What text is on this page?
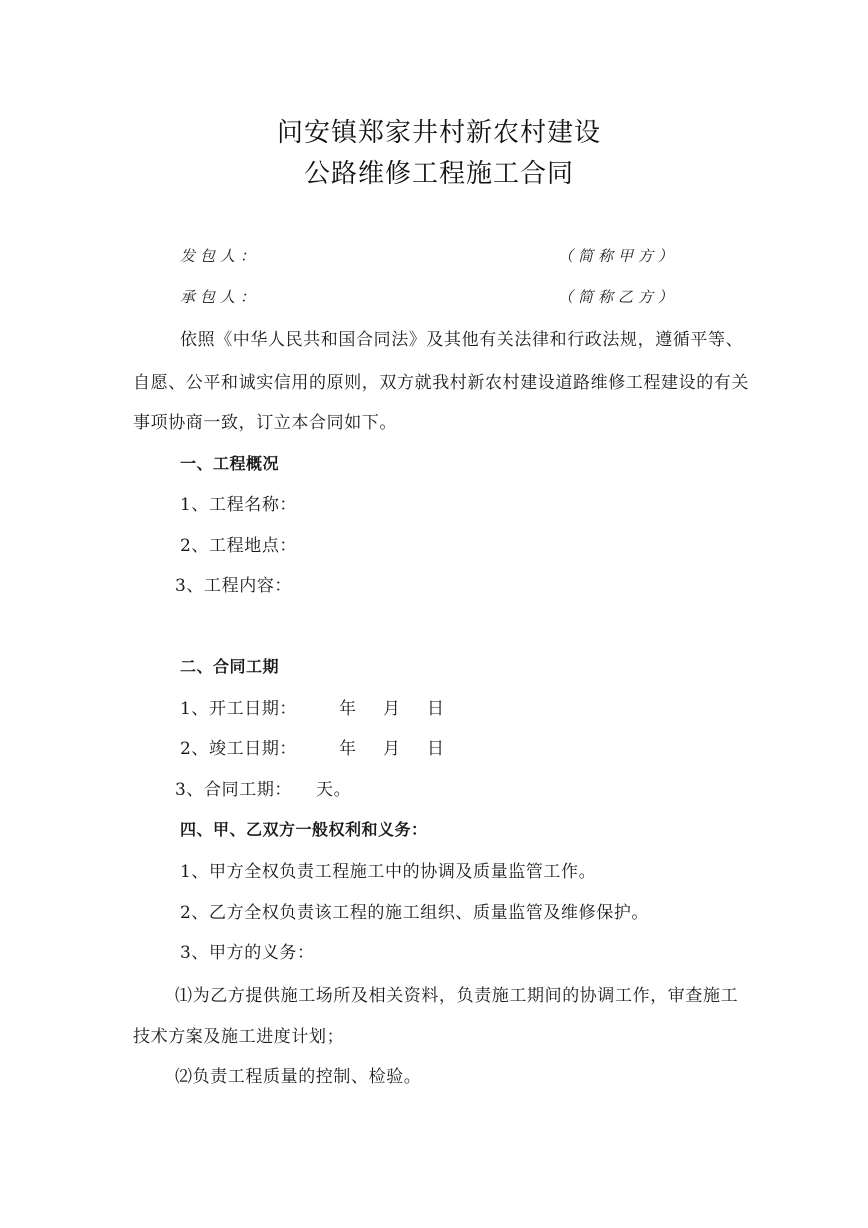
问安镇郑家井村新农村建设
公路维修工程施工合同
发包人：	（简称甲方）
承包人：	（简称乙方）
依照《中华人民共和国合同法》及其他有关法律和行政法规，遵循平等、
自愿、公平和诚实信用的原则，双方就我村新农村建设道路维修工程建设的有关
事项协商一致，订立本合同如下。
一、工程概况
1、工程名称：
2、工程地点：
3、工程内容：
二、合同工期
1、开工日期： 年 月 日
2、竣工日期： 年 月 日
3、合同工期： 天。
四、甲、乙双方一般权利和义务：
1、甲方全权负责工程施工中的协调及质量监管工作。
2、乙方全权负责该工程的施工组织、质量监管及维修保护。
3、甲方的义务：
⑴为乙方提供施工场所及相关资料，负责施工期间的协调工作，审查施工
技术方案及施工进度计划；
⑵负责工程质量的控制、检验。
